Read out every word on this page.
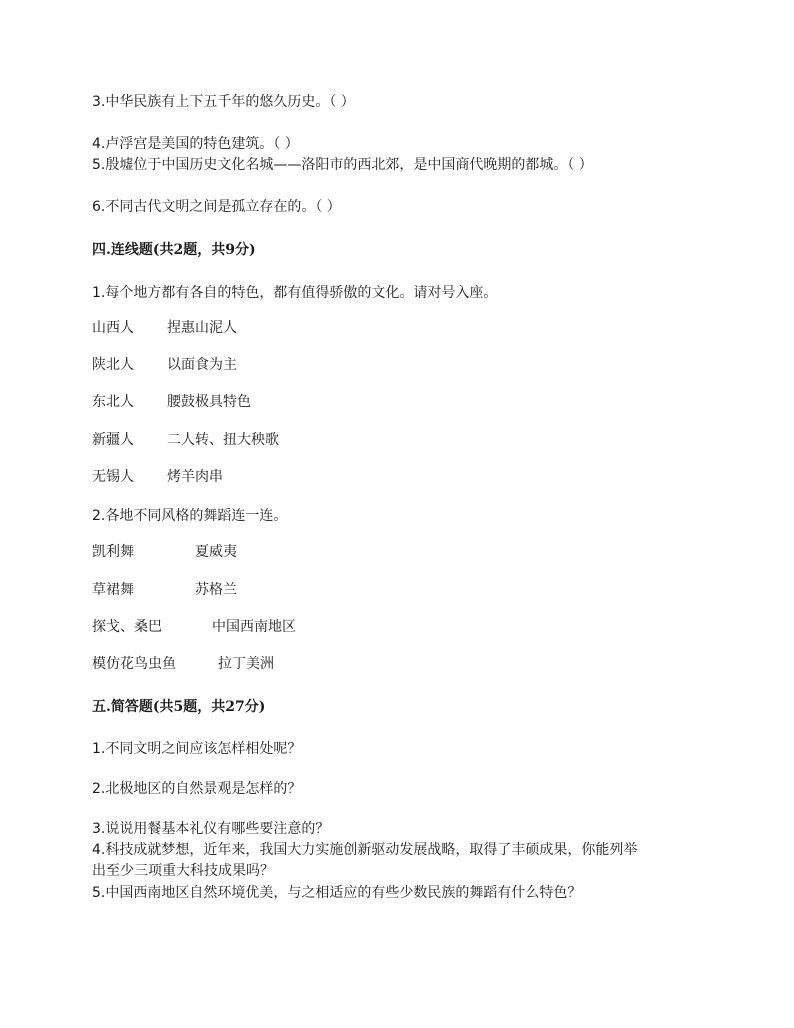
3.中华民族有上下五千年的悠久历史。（ ）
4.卢浮宫是美国的特色建筑。（ ）
5.殷墟位于中国历史文化名城——洛阳市的西北郊，是中国商代晚期的都城。（ ）
6.不同古代文明之间是孤立存在的。（ ）
四.连线题(共2题，共9分)
1.每个地方都有各自的特色，都有值得骄傲的文化。请对号入座。
山西人 捏惠山泥人
陕北人 以面食为主
东北人 腰鼓极具特色
新疆人 二人转、扭大秧歌
无锡人 烤羊肉串
2.各地不同风格的舞蹈连一连。
凯利舞	夏威夷
草裙舞	苏格兰
探戈、桑巴	中国西南地区
模仿花鸟虫鱼	拉丁美洲
五.简答题(共5题，共27分)
1.不同文明之间应该怎样相处呢？
2.北极地区的自然景观是怎样的？
3.说说用餐基本礼仪有哪些要注意的？
4.科技成就梦想，近年来，我国大力实施创新驱动发展战略，取得了丰硕成果，你能列举
出至少三项重大科技成果吗？
5.中国西南地区自然环境优美，与之相适应的有些少数民族的舞蹈有什么特色？
